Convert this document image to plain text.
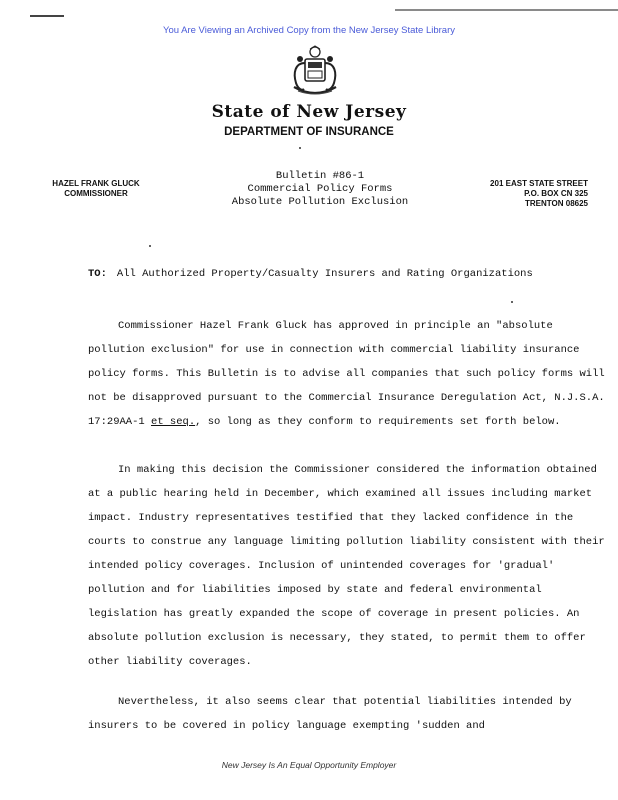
You Are Viewing an Archived Copy from the New Jersey State Library
State of New Jersey
DEPARTMENT OF INSURANCE
HAZEL FRANK GLUCK
COMMISSIONER
Bulletin #86-1
Commercial Policy Forms
Absolute Pollution Exclusion
201 EAST STATE STREET
P.O. BOX CN 325
TRENTON 08625
TO: All Authorized Property/Casualty Insurers and Rating Organizations

Commissioner Hazel Frank Gluck has approved in principle an "absolute pollution exclusion" for use in connection with commercial liability insurance policy forms. This Bulletin is to advise all companies that such policy forms will not be disapproved pursuant to the Commercial Insurance Deregulation Act, N.J.S.A. 17:29AA-1 et seq., so long as they conform to requirements set forth below.

In making this decision the Commissioner considered the information obtained at a public hearing held in December, which examined all issues including market impact. Industry representatives testified that they lacked confidence in the courts to construe any language limiting pollution liability consistent with their intended policy coverages. Inclusion of unintended coverages for 'gradual' pollution and for liabilities imposed by state and federal environmental legislation has greatly expanded the scope of coverage in present policies. An absolute pollution exclusion is necessary, they stated, to permit them to offer other liability coverages.

Nevertheless, it also seems clear that potential liabilities intended by insurers to be covered in policy language exempting 'sudden and

New Jersey Is An Equal Opportunity Employer
